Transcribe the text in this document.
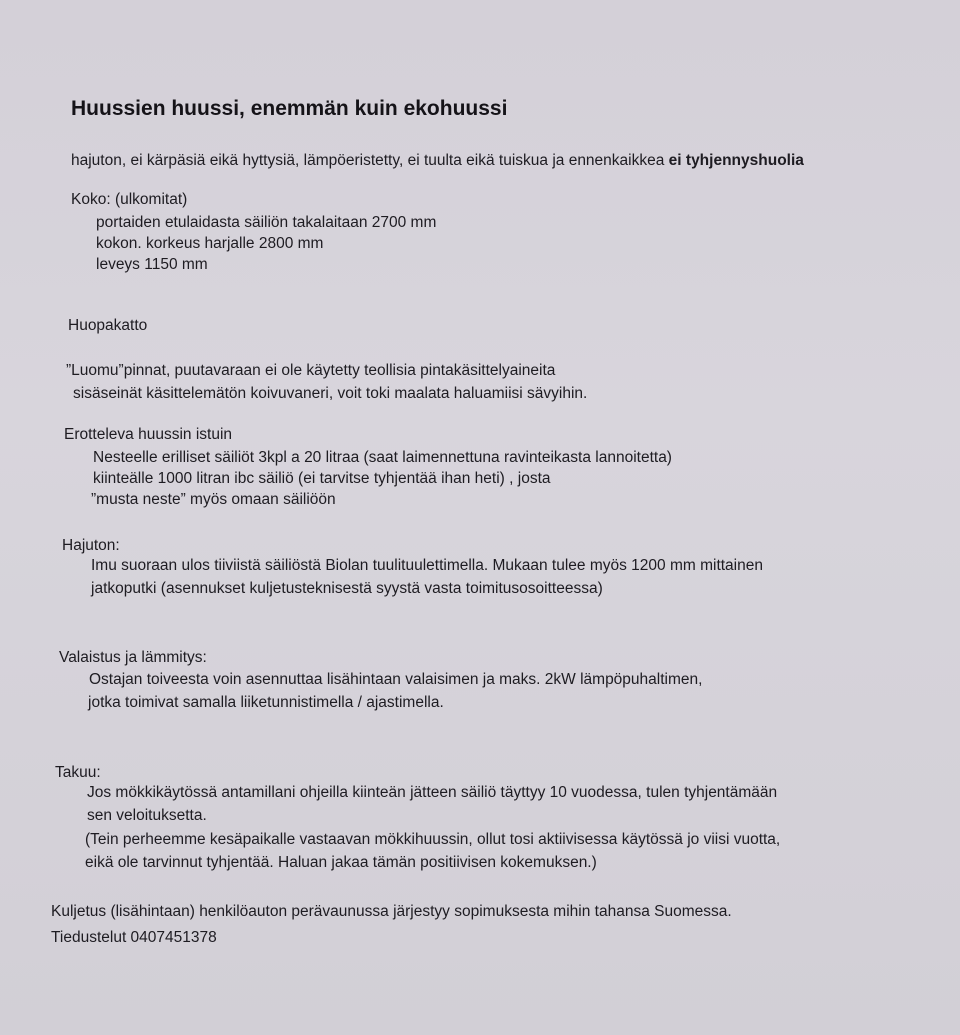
Huussien huussi, enemmän kuin ekohuussi
hajuton, ei kärpäsiä eikä hyttysiä, lämpöeristetty, ei tuulta eikä tuiskua ja ennenkaikkea ei tyhjennyshuolia
Koko: (ulkomitat)
portaiden etulaidasta säiliön takalaitaan 2700 mm
kokon. korkeus harjalle 2800 mm
leveys 1150 mm
Huopakatto
”Luomu”pinnat, puutavaraan ei ole käytetty teollisia pintakäsittelyaineita
sisäseinät käsittelemätön koivuvaneri, voit toki maalata haluamiisi sävyihin.
Erotteleva huussin istuin
Nesteelle erilliset säiliöt 3kpl a 20 litraa (saat laimennettuna ravinteikasta lannoitetta)
kiinteälle 1000 litran ibc säiliö (ei tarvitse tyhjentää ihan heti) , josta
”musta neste” myös omaan säiliöön
Hajuton:
Imu suoraan ulos tiiviistä säiliöstä Biolan tuulituulettimella. Mukaan tulee myös 1200 mm mittainen
jatkoputki (asennukset kuljetusteknisestä syystä vasta toimitusosoitteessa)
Valaistus ja lämmitys:
Ostajan toiveesta voin asennuttaa lisähintaan valaisimen ja maks. 2kW lämpöpuhaltimen,
jotka toimivat samalla liiketunnistimella / ajastimella.
Takuu:
Jos mökkikäytössä antamillani ohjeilla kiinteän jätteen säiliö täyttyy 10 vuodessa, tulen tyhjentämään
sen veloituksetta.
(Tein perheemme kesäpaikalle vastaavan mökkihuussin, ollut tosi aktiivisessa käytössä jo viisi vuotta,
eikä ole tarvinnut tyhjentää. Haluan jakaa tämän positiivisen kokemuksen.)
Kuljetus (lisähintaan) henkilöauton perävaunussa järjestyy sopimuksesta mihin tahansa Suomessa.
Tiedustelut 0407451378
